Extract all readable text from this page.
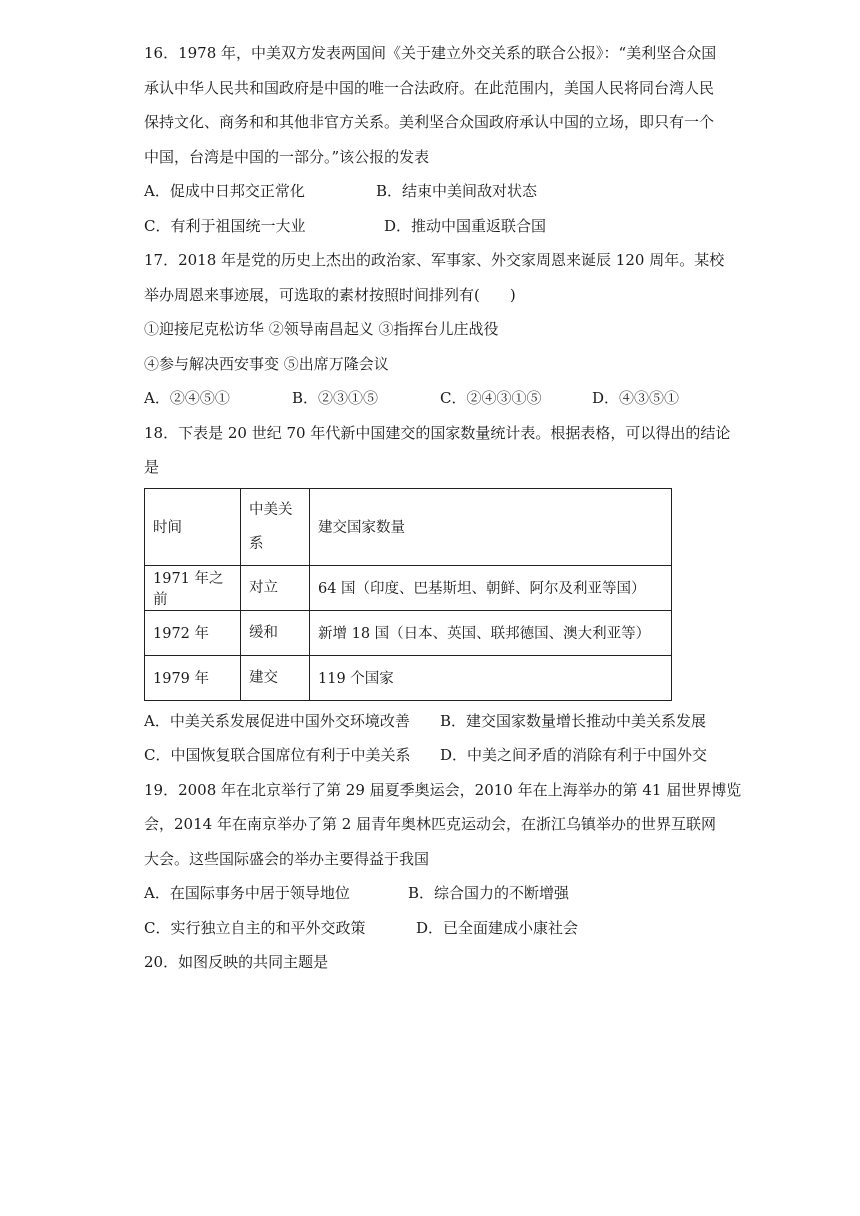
16．1978 年，中美双方发表两国间《关于建立外交关系的联合公报》：“美利坚合众国
承认中华人民共和国政府是中国的唯一合法政府。在此范围内，美国人民将同台湾人民
保持文化、商务和和其他非官方关系。美利坚合众国政府承认中国的立场，即只有一个
中国，台湾是中国的一部分。”该公报的发表
A．促成中日邦交正常化	B．结束中美间敌对状态
C．有利于祖国统一大业	D．推动中国重返联合国
17．2018 年是党的历史上杰出的政治家、军事家、外交家周恩来诞辰 120 周年。某校
举办周恩来事迹展，可选取的素材按照时间排列有(　　)
①迎接尼克松访华 ②领导南昌起义 ③指挥台儿庄战役
④参与解决西安事变 ⑤出席万隆会议
A．②④⑤①	B．②③①⑤	C．②④③①⑤	D．④③⑤①
18．下表是 20 世纪 70 年代新中国建交的国家数量统计表。根据表格，可以得出的结论
是
时间	中美关系	建交国家数量
1971 年之前	对立	64 国（印度、巴基斯坦、朝鲜、阿尔及利亚等国）
1972 年	缓和	新增 18 国（日本、英国、联邦德国、澳大利亚等）
1979 年	建交	119 个国家
A．中美关系发展促进中国外交环境改善 B．建交国家数量增长推动中美关系发展
C．中国恢复联合国席位有利于中美关系 D．中美之间矛盾的消除有利于中国外交
19．2008 年在北京举行了第 29 届夏季奥运会，2010 年在上海举办的第 41 届世界博览
会，2014 年在南京举办了第 2 届青年奥林匹克运动会，在浙江乌镇举办的世界互联网
大会。这些国际盛会的举办主要得益于我国
A．在国际事务中居于领导地位	B．综合国力的不断增强
C．实行独立自主的和平外交政策	D．已全面建成小康社会
20．如图反映的共同主题是
